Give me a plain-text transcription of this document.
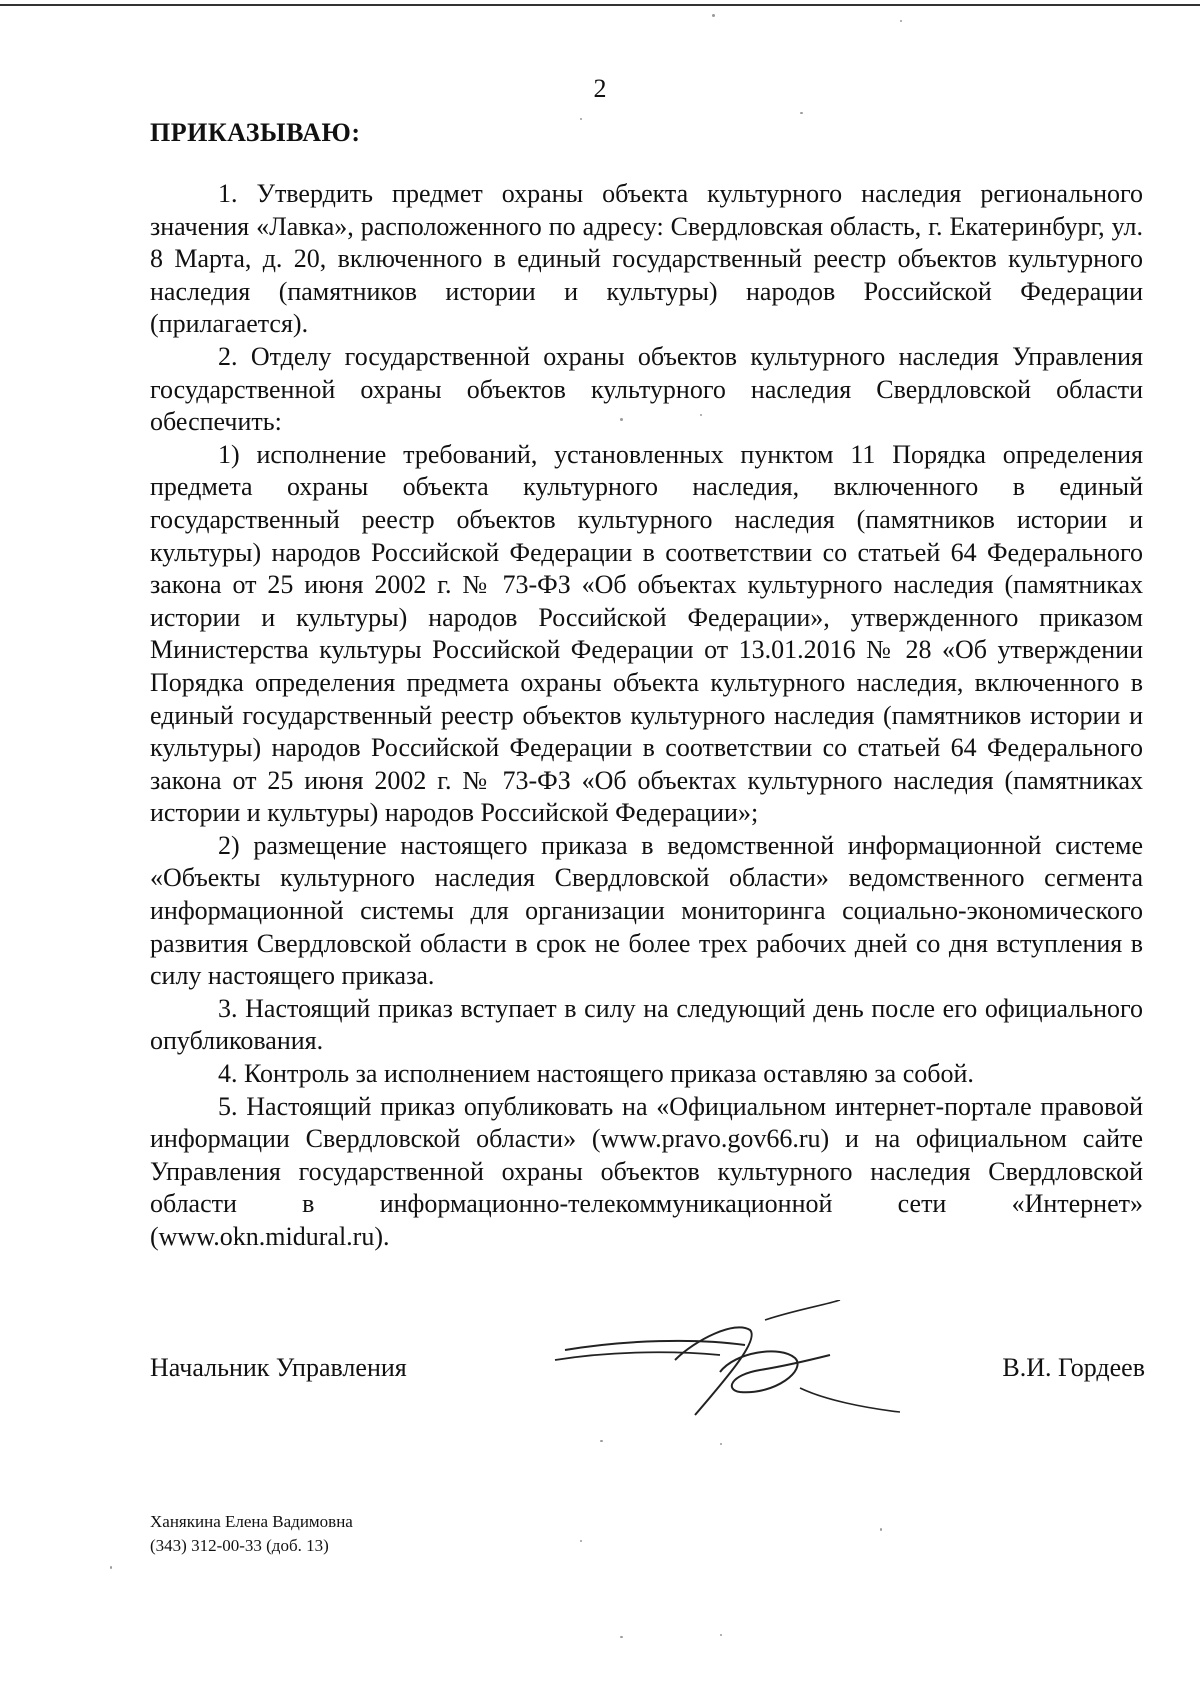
2
ПРИКАЗЫВАЮ:

1. Утвердить предмет охраны объекта культурного наследия регионального значения «Лавка», расположенного по адресу: Свердловская область, г. Екатеринбург, ул. 8 Марта, д. 20, включенного в единый государственный реестр объектов культурного наследия (памятников истории и культуры) народов Российской Федерации (прилагается).

2. Отделу государственной охраны объектов культурного наследия Управления государственной охраны объектов культурного наследия Свердловской области обеспечить:

1) исполнение требований, установленных пунктом 11 Порядка определения предмета охраны объекта культурного наследия, включенного в единый государственный реестр объектов культурного наследия (памятников истории и культуры) народов Российской Федерации в соответствии со статьей 64 Федерального закона от 25 июня 2002 г. № 73-ФЗ «Об объектах культурного наследия (памятниках истории и культуры) народов Российской Федерации», утвержденного приказом Министерства культуры Российской Федерации от 13.01.2016 № 28 «Об утверждении Порядка определения предмета охраны объекта культурного наследия, включенного в единый государственный реестр объектов культурного наследия (памятников истории и культуры) народов Российской Федерации в соответствии со статьей 64 Федерального закона от 25 июня 2002 г. № 73-ФЗ «Об объектах культурного наследия (памятниках истории и культуры) народов Российской Федерации»;

2) размещение настоящего приказа в ведомственной информационной системе «Объекты культурного наследия Свердловской области» ведомственного сегмента информационной системы для организации мониторинга социально-экономического развития Свердловской области в срок не более трех рабочих дней со дня вступления в силу настоящего приказа.

3. Настоящий приказ вступает в силу на следующий день после его официального опубликования.

4. Контроль за исполнением настоящего приказа оставляю за собой.

5. Настоящий приказ опубликовать на «Официальном интернет-портале правовой информации Свердловской области» (www.pravo.gov66.ru) и на официальном сайте Управления государственной охраны объектов культурного наследия Свердловской области в информационно-телекоммуникационной сети «Интернет» (www.okn.midural.ru).

Начальник Управления	В.И. Гордеев
Ханякина Елена Вадимовна
(343) 312-00-33 (доб. 13)
